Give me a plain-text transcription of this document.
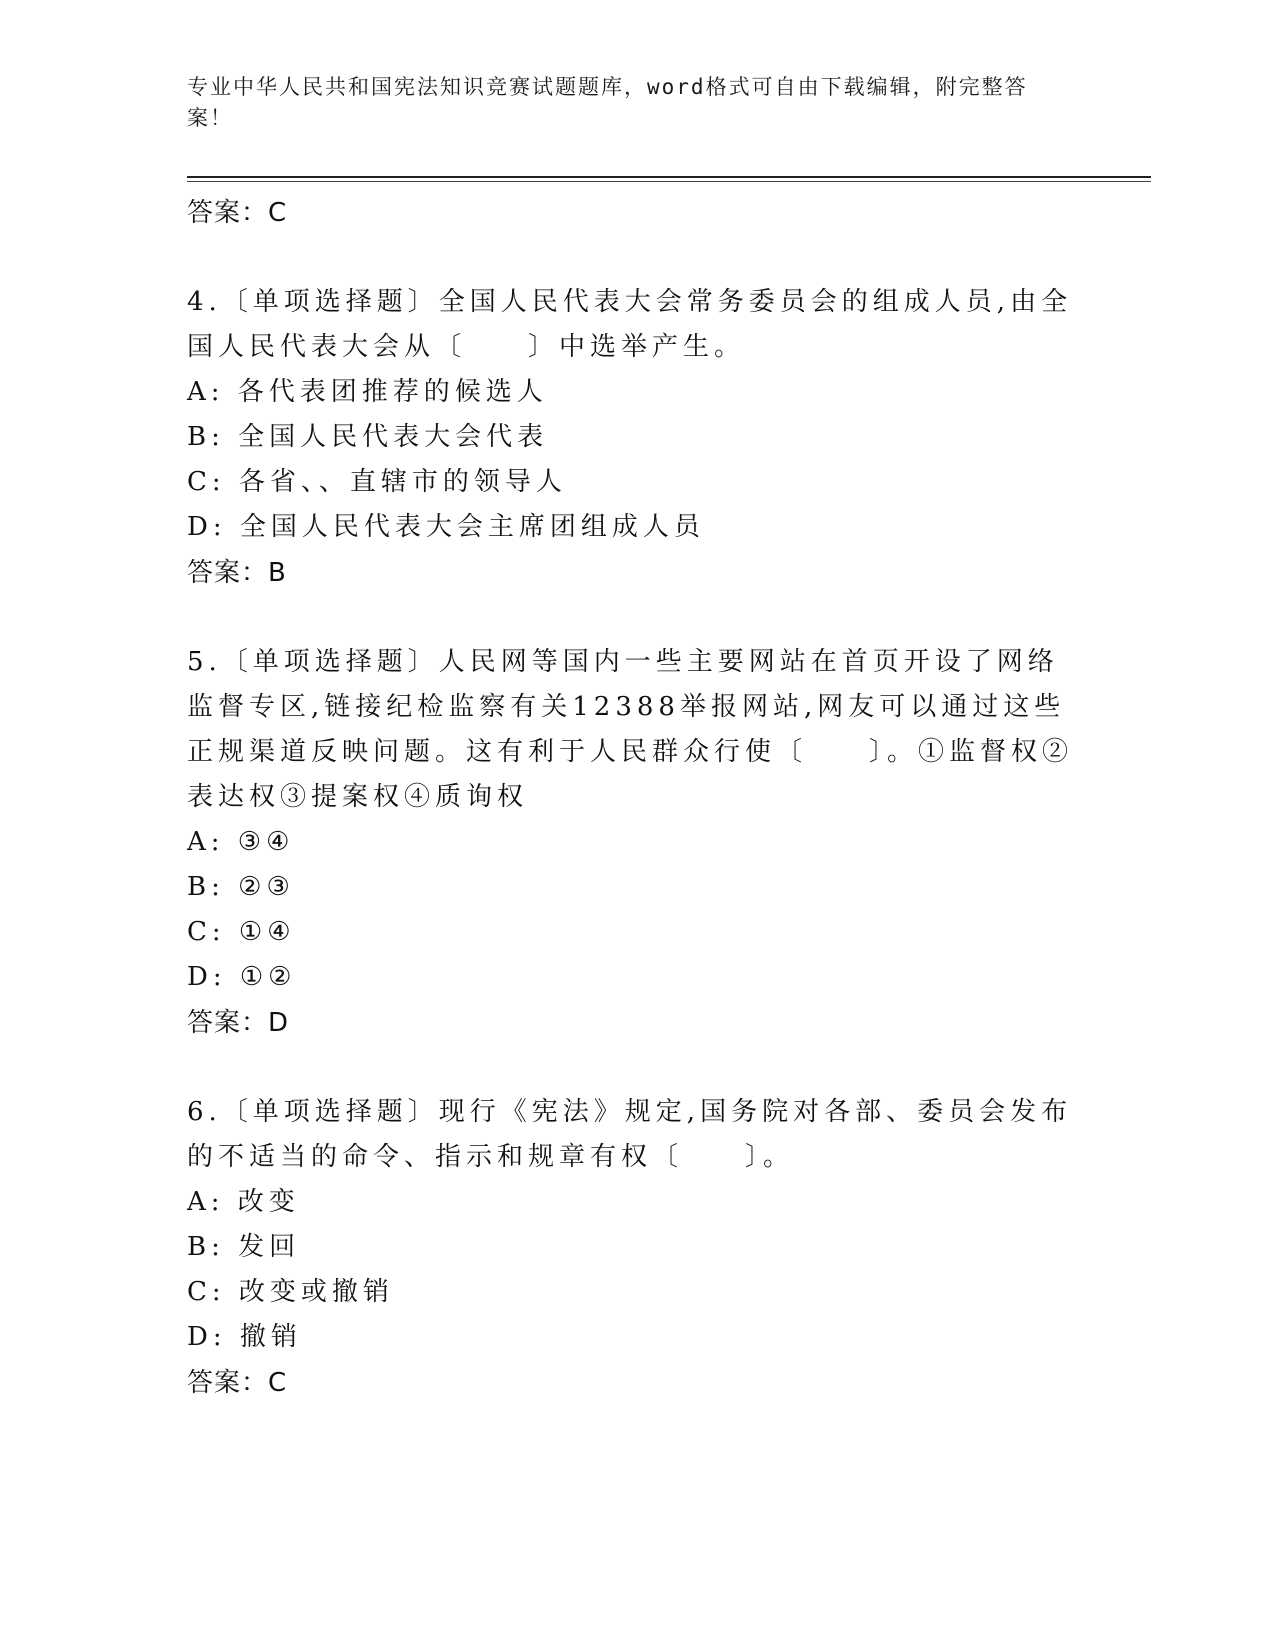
专业中华人民共和国宪法知识竞赛试题题库，word格式可自由下载编辑，附完整答案！

答案：C

4.〔单项选择题〕全国人民代表大会常务委员会的组成人员,由全国人民代表大会从〔　　〕中选举产生。

A: 各代表团推荐的候选人

B: 全国人民代表大会代表

C: 各省、、直辖市的领导人

D: 全国人民代表大会主席团组成人员

答案：B

5.〔单项选择题〕人民网等国内一些主要网站在首页开设了网络监督专区,链接纪检监察有关12388举报网站,网友可以通过这些正规渠道反映问题。这有利于人民群众行使〔　　〕。①监督权②表达权③提案权④质询权

A: ③④

B: ②③

C: ①④

D: ①②

答案：D

6.〔单项选择题〕现行《宪法》规定,国务院对各部、委员会发布的不适当的命令、指示和规章有权〔　　〕。

A: 改变

B: 发回

C: 改变或撤销

D: 撤销

答案：C
